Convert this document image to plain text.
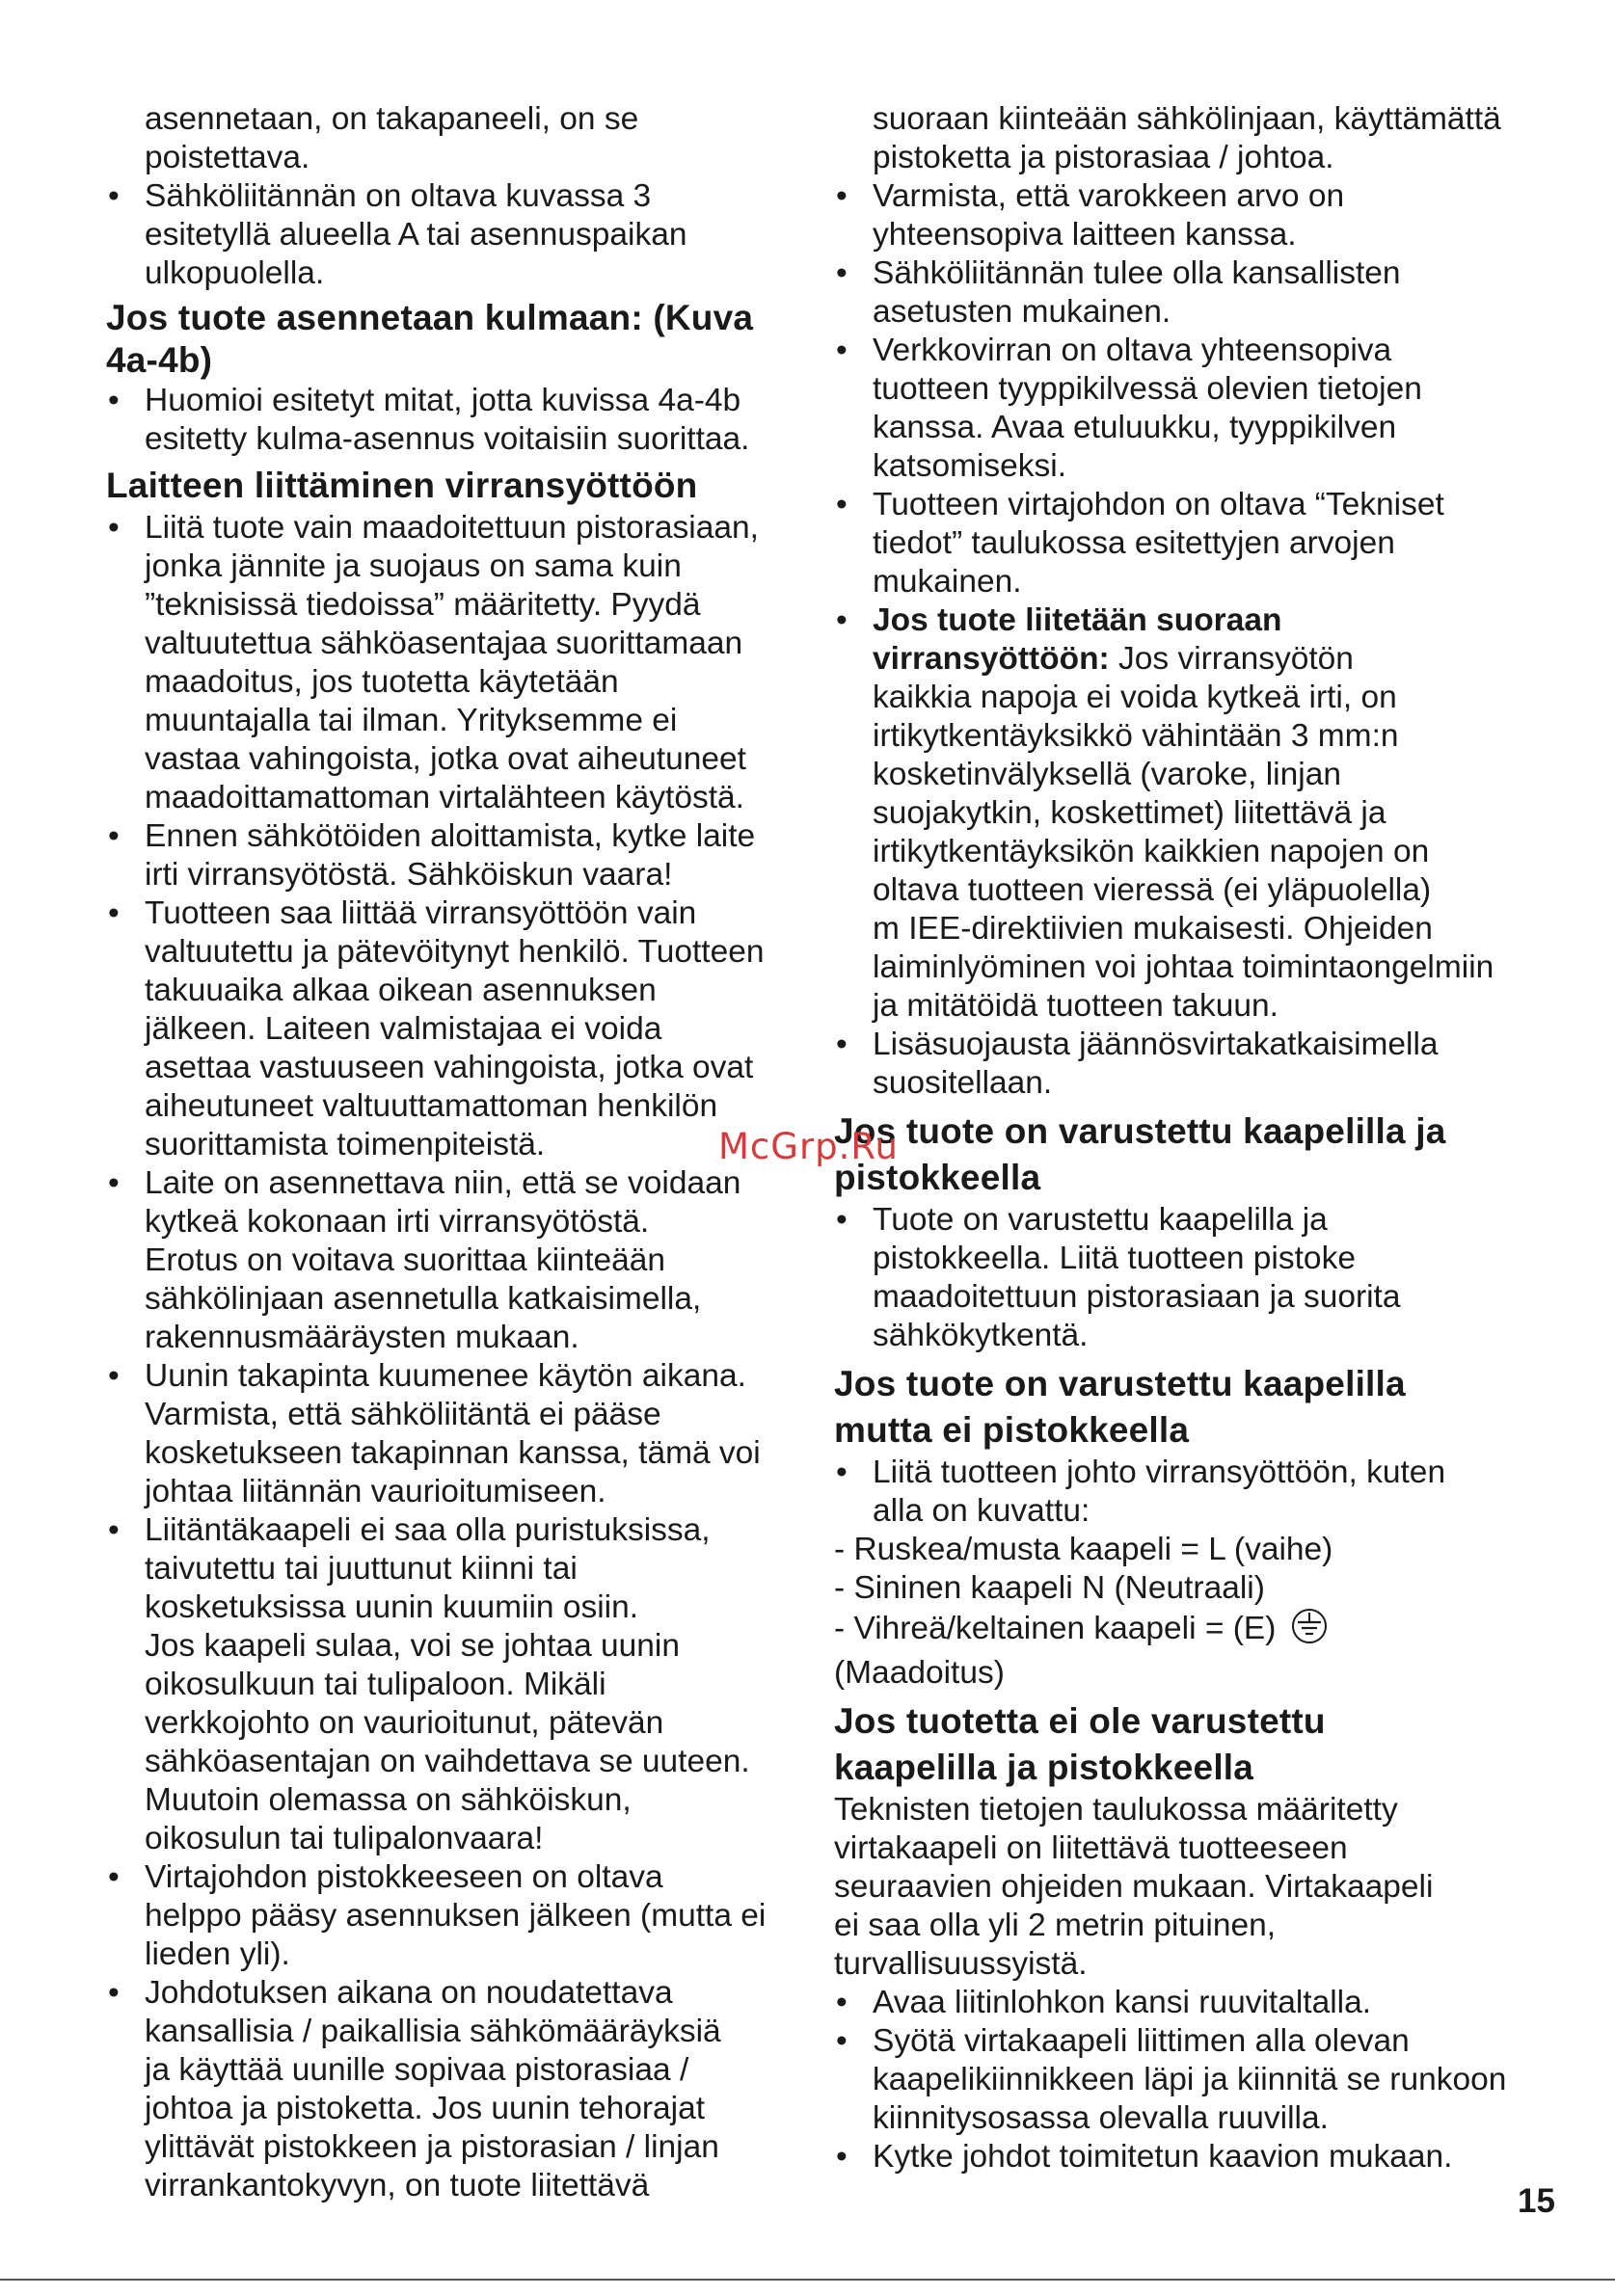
asennetaan, on takapaneeli, on se

poistettava.

• Sähköliitännän on oltava kuvassa 3
esitetyllä alueella A tai asennuspaikan
ulkopuolella.

Jos tuote asennetaan kulmaan: (Kuva
4a-4b)

• Huomioi esitetyt mitat, jotta kuvissa 4a-4b
esitetty kulma-asennus voitaisiin suorittaa.

Laitteen liittäminen virransyöttöön

• Liitä tuote vain maadoitettuun pistorasiaan,
jonka jännite ja suojaus on sama kuin
”teknisissä tiedoissa” määritetty. Pyydä
valtuutettua sähköasentajaa suorittamaan
maadoitus, jos tuotetta käytetään
muuntajalla tai ilman. Yrityksemme ei
vastaa vahingoista, jotka ovat aiheutuneet
maadoittamattoman virtalähteen käytöstä.

• Ennen sähkötöiden aloittamista, kytke laite
irti virransyötöstä. Sähköiskun vaara!

• Tuotteen saa liittää virransyöttöön vain
valtuutettu ja pätevöitynyt henkilö. Tuotteen
takuuaika alkaa oikean asennuksen
jälkeen. Laiteen valmistajaa ei voida
asettaa vastuuseen vahingoista, jotka ovat
aiheutuneet valtuuttamattoman henkilön
suorittamista toimenpiteistä.

• Laite on asennettava niin, että se voidaan
kytkeä kokonaan irti virransyötöstä.
Erotus on voitava suorittaa kiinteään
sähkölinjaan asennetulla katkaisimella,
rakennusmääräysten mukaan.

• Uunin takapinta kuumenee käytön aikana.
Varmista, että sähköliitäntä ei pääse
kosketukseen takapinnan kanssa, tämä voi
johtaa liitännän vaurioitumiseen.

• Liitäntäkaapeli ei saa olla puristuksissa,
taivutettu tai juuttunut kiinni tai
kosketuksissa uunin kuumiin osiin.
Jos kaapeli sulaa, voi se johtaa uunin
oikosulkuun tai tulipaloon. Mikäli
verkkojohto on vaurioitunut, pätevän
sähköasentajan on vaihdettava se uuteen.
Muutoin olemassa on sähköiskun,
oikosulun tai tulipalonvaara!

• Virtajohdon pistokkeeseen on oltava
helppo pääsy asennuksen jälkeen (mutta ei
lieden yli).

• Johdotuksen aikana on noudatettava
kansallisia / paikallisia sähkömääräyksiä
ja käyttää uunille sopivaa pistorasiaa /
johtoa ja pistoketta. Jos uunin tehorajat
ylittävät pistokkeen ja pistorasian / linjan
virrankantokyvyn, on tuote liitettävä

suoraan kiinteään sähkölinjaan, käyttämättä

pistoketta ja pistorasiaa / johtoa.

• Varmista, että varokkeen arvo on
yhteensopiva laitteen kanssa.

• Sähköliitännän tulee olla kansallisten
asetusten mukainen.

• Verkkovirran on oltava yhteensopiva
tuotteen tyyppikilvessä olevien tietojen
kanssa. Avaa etuluukku, tyyppikilven
katsomiseksi.

• Tuotteen virtajohdon on oltava “Tekniset
tiedot” taulukossa esitettyjen arvojen
mukainen.

• Jos tuote liitetään suoraan
virransyöttöön: Jos virransyötön
kaikkia napoja ei voida kytkeä irti, on
irtikytkentäyksikkö vähintään 3 mm:n
kosketinvälyksellä (varoke, linjan
suojakytkin, koskettimet) liitettävä ja
irtikytkentäyksikön kaikkien napojen on
oltava tuotteen vieressä (ei yläpuolella)
m IEE-direktiivien mukaisesti. Ohjeiden
laiminlyöminen voi johtaa toimintaongelmiin
ja mitätöidä tuotteen takuun.

• Lisäsuojausta jäännösvirtakatkaisimella
suositellaan.

Jos tuote on varustettu kaapelilla ja
pistokkeella

• Tuote on varustettu kaapelilla ja
pistokkeella. Liitä tuotteen pistoke
maadoitettuun pistorasiaan ja suorita
sähkökytkentä.

Jos tuote on varustettu kaapelilla
mutta ei pistokkeella

• Liitä tuotteen johto virransyöttöön, kuten
alla on kuvattu:

- Ruskea/musta kaapeli = L (vaihe)

- Sininen kaapeli N (Neutraali)

- Vihreä/keltainen kaapeli = (E)

(Maadoitus)

Jos tuotetta ei ole varustettu
kaapelilla ja pistokkeella

Teknisten tietojen taulukossa määritetty
virtakaapeli on liitettävä tuotteeseen
seuraavien ohjeiden mukaan. Virtakaapeli
ei saa olla yli 2 metrin pituinen,
turvallisuussyistä.

• Avaa liitinlohkon kansi ruuvitaltalla.

• Syötä virtakaapeli liittimen alla olevan
kaapelikiinnikkeen läpi ja kiinnitä se runkoon
kiinnitysosassa olevalla ruuvilla.

• Kytke johdot toimitetun kaavion mukaan.

McGrp.Ru
15
